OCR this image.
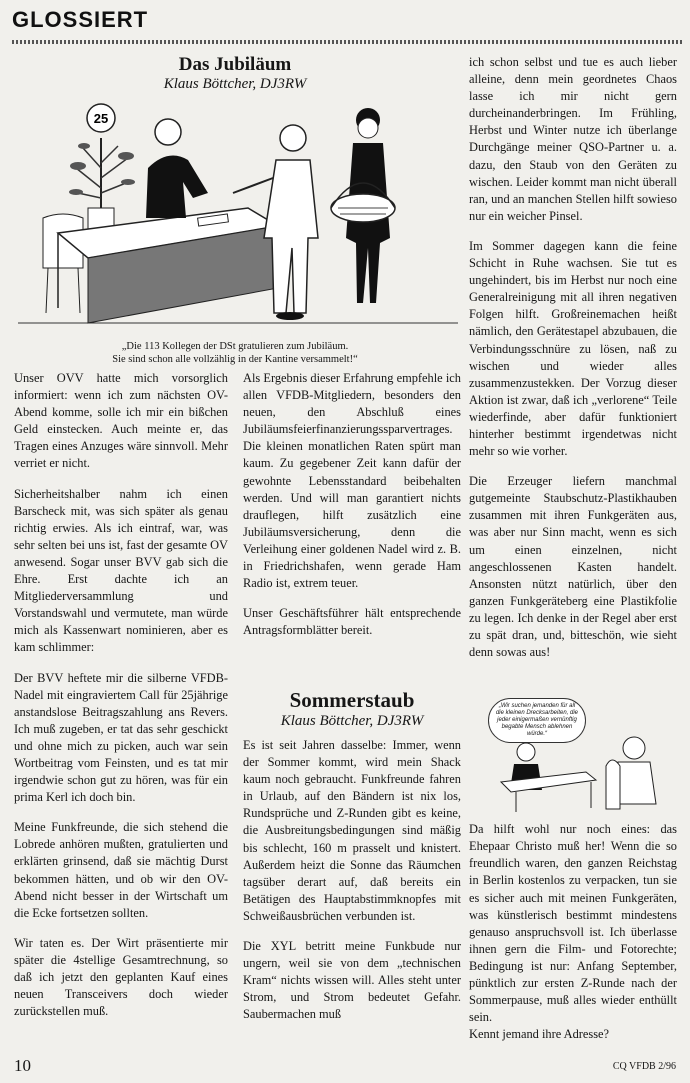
GLOSSIERT
Das Jubiläum
Klaus Böttcher, DJ3RW
25
„Die 113 Kollegen der DSt gratulieren zum Jubiläum.
Sie sind schon alle vollzählig in der Kantine versammelt!“

Unser OVV hatte mich vorsorglich informiert: wenn ich zum nächsten OV-Abend komme, solle ich mir ein bißchen Geld einstecken. Auch meinte er, das Tragen eines Anzuges wäre sinnvoll. Mehr verriet er nicht.

Sicherheitshalber nahm ich einen Barscheck mit, was sich später als genau richtig erwies. Als ich eintraf, war, was sehr selten bei uns ist, fast der gesamte OV anwesend. Sogar unser BVV gab sich die Ehre. Erst dachte ich an Mitgliederversammlung und Vorstandswahl und vermutete, man würde mich als Kassenwart nominieren, aber es kam schlimmer:

Der BVV heftete mir die silberne VFDB-Nadel mit eingraviertem Call für 25jährige anstandslose Beitragszahlung ans Revers. Ich muß zugeben, er tat das sehr geschickt und ohne mich zu picken, auch war sein Wortbeitrag vom Feinsten, und es tat mir irgendwie schon gut zu hören, was für ein prima Kerl ich doch bin.

Meine Funkfreunde, die sich stehend die Lobrede anhören mußten, gratulierten und erklärten grinsend, daß sie mächtig Durst bekommen hätten, und ob wir den OV-Abend nicht besser in der Wirtschaft um die Ecke fortsetzen sollten.

Wir taten es. Der Wirt präsentierte mir später die 4stellige Gesamtrechnung, so daß ich jetzt den geplanten Kauf eines neuen Transceivers doch wieder zurückstellen muß.

Als Ergebnis dieser Erfahrung empfehle ich allen VFDB-Mitgliedern, besonders den neuen, den Abschluß eines Jubiläumsfeierfinanzierungssparvertrages. Die kleinen monatlichen Raten spürt man kaum. Zu gegebener Zeit kann dafür der gewohnte Lebensstandard beibehalten werden. Und will man garantiert nichts drauflegen, hilft zusätzlich eine Jubiläumsversicherung, denn die Verleihung einer goldenen Nadel wird z. B. in Friedrichshafen, wenn gerade Ham Radio ist, extrem teuer.

Unser Geschäftsführer hält entsprechende Antragsformblätter bereit.

Sommerstaub
Klaus Böttcher, DJ3RW

Es ist seit Jahren dasselbe: Immer, wenn der Sommer kommt, wird mein Shack kaum noch gebraucht. Funkfreunde fahren in Urlaub, auf den Bändern ist nix los, Rundsprüche und Z-Runden gibt es keine, die Ausbreitungsbedingungen sind mäßig bis schlecht, 160 m prasselt und knistert. Außerdem heizt die Sonne das Räumchen tagsüber derart auf, daß bereits ein Betätigen des Hauptabstimmknopfes mit Schweißausbrüchen verbunden ist.

Die XYL betritt meine Funkbude nur ungern, weil sie von dem „technischen Kram“ nichts wissen will. Alles steht unter Strom, und Strom bedeutet Gefahr. Saubermachen muß

ich schon selbst und tue es auch lieber alleine, denn mein geordnetes Chaos lasse ich mir nicht gern durcheinanderbringen. Im Frühling, Herbst und Winter nutze ich überlange Durchgänge meiner QSO-Partner u. a. dazu, den Staub von den Geräten zu wischen. Leider kommt man nicht überall ran, und an manchen Stellen hilft sowieso nur ein weicher Pinsel.

Im Sommer dagegen kann die feine Schicht in Ruhe wachsen. Sie tut es ungehindert, bis im Herbst nur noch eine Generalreinigung mit all ihren negativen Folgen hilft. Großreinemachen heißt nämlich, den Gerätestapel abzubauen, die Verbindungsschnüre zu lösen, naß zu wischen und wieder alles zusammenzustekken. Der Vorzug dieser Aktion ist zwar, daß ich „verlorene“ Teile wiederfinde, aber dafür funktioniert hinterher bestimmt irgendetwas nicht mehr so wie vorher.

Die Erzeuger liefern manchmal gutgemeinte Staubschutz-Plastikhauben zusammen mit ihren Funkgeräten aus, was aber nur Sinn macht, wenn es sich um einen einzelnen, nicht angeschlossenen Kasten handelt. Ansonsten nützt natürlich, über den ganzen Funkgeräteberg eine Plastikfolie zu legen. Ich denke in der Regel aber erst zu spät dran, und, bitteschön, wie sieht denn sowas aus!

Da hilft wohl nur noch eines: das Ehepaar Christo muß her! Wenn die so freundlich waren, den ganzen Reichstag in Berlin kostenlos zu verpacken, tun sie es sicher auch mit meinen Funkgeräten, was künstlerisch bestimmt mindestens genauso anspruchsvoll ist. Ich überlasse ihnen gern die Film- und Fotorechte; Bedingung ist nur: Anfang September, pünktlich zur ersten Z-Runde nach der Sommerpause, muß alles wieder enthüllt sein.

Kennt jemand ihre Adresse?

„Wir suchen jemanden für all die kleinen Drecksarbeiten, die jeder einigermaßen vernünftig begabte Mensch ablehnen würde.“
10	CQ VFDB 2/96
